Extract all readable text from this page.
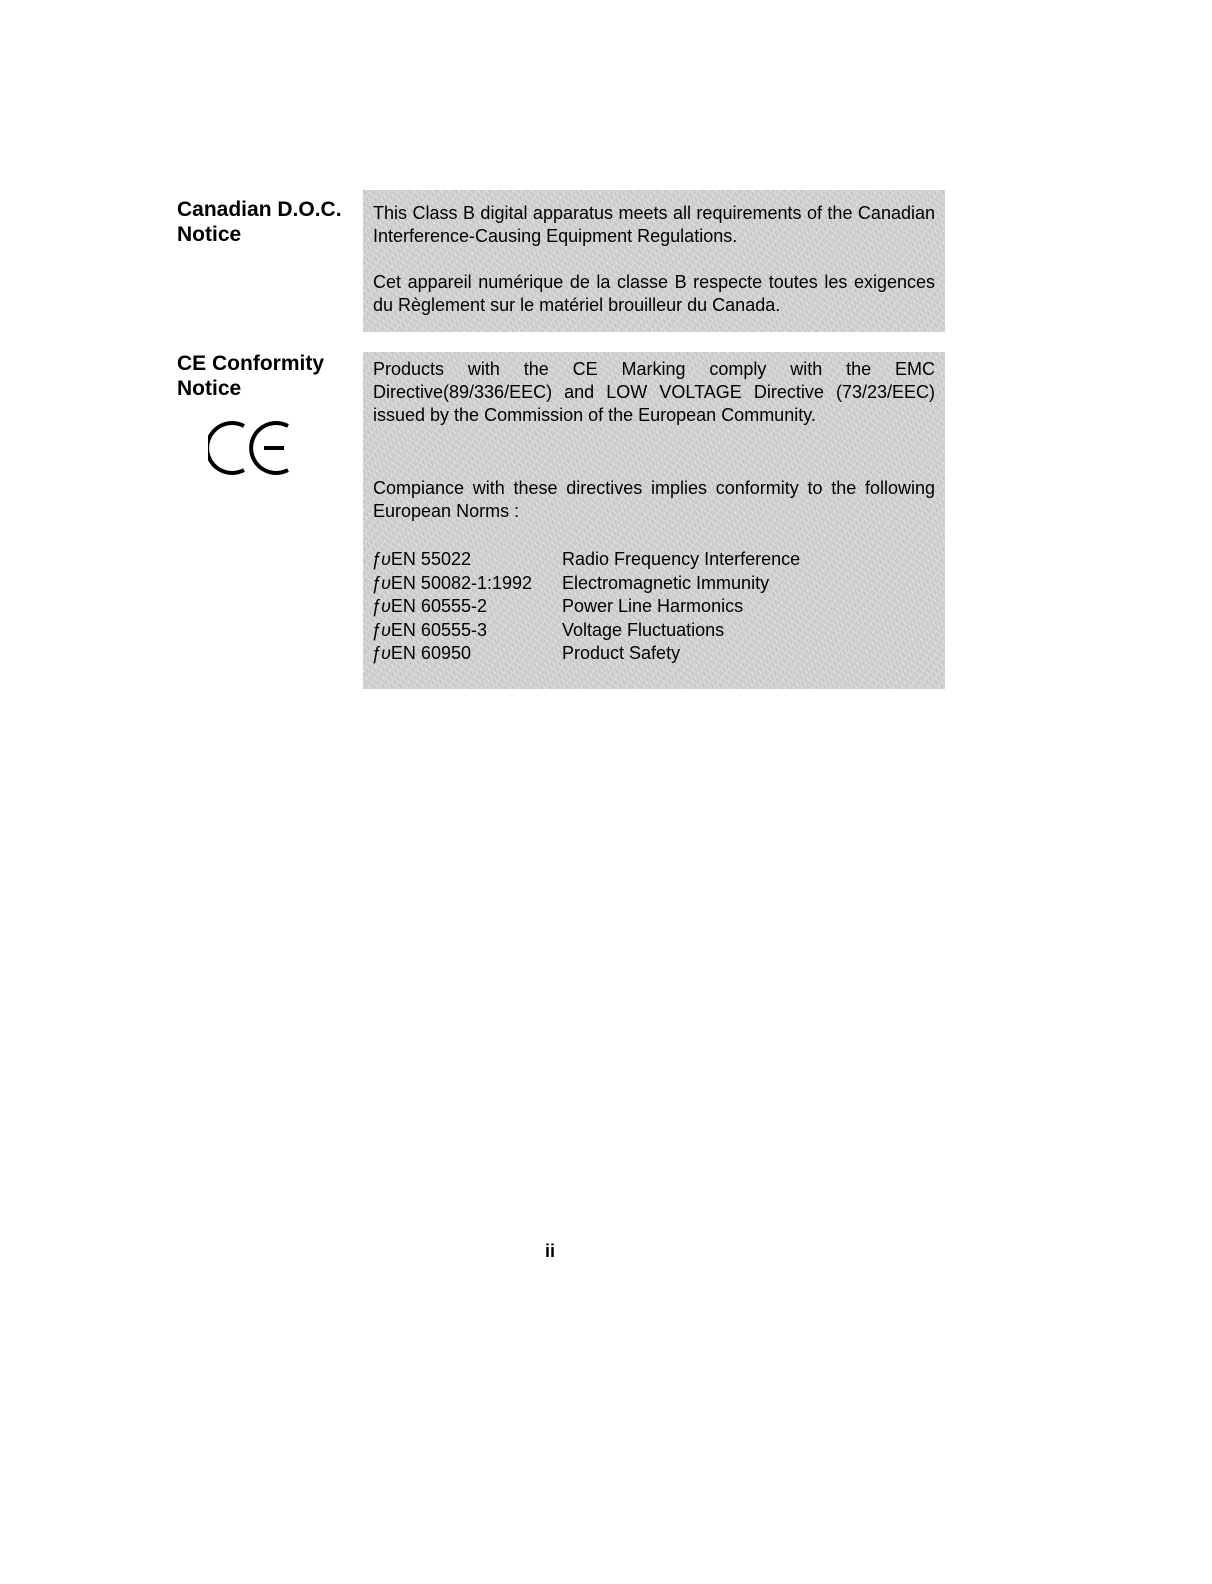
Canadian D.O.C.
Notice

This Class B digital apparatus meets all requirements of the Canadian Interference-Causing Equipment Regulations.

Cet appareil numérique de la classe B respecte toutes les exigences du Règlement sur le matériel brouilleur du Canada.

CE Conformity
Notice

Products with the CE Marking comply with the EMC Directive(89/336/EEC) and LOW VOLTAGE Directive (73/23/EEC) issued by the Commission of the European Community.

Compiance with these directives implies conformity to the following European Norms :

ƒυEN 55022	Radio Frequency Interference
ƒυEN 50082-1:1992	Electromagnetic Immunity
ƒυEN 60555-2	Power Line Harmonics
ƒυEN 60555-3	Voltage Fluctuations
ƒυEN 60950	Product Safety

ii
